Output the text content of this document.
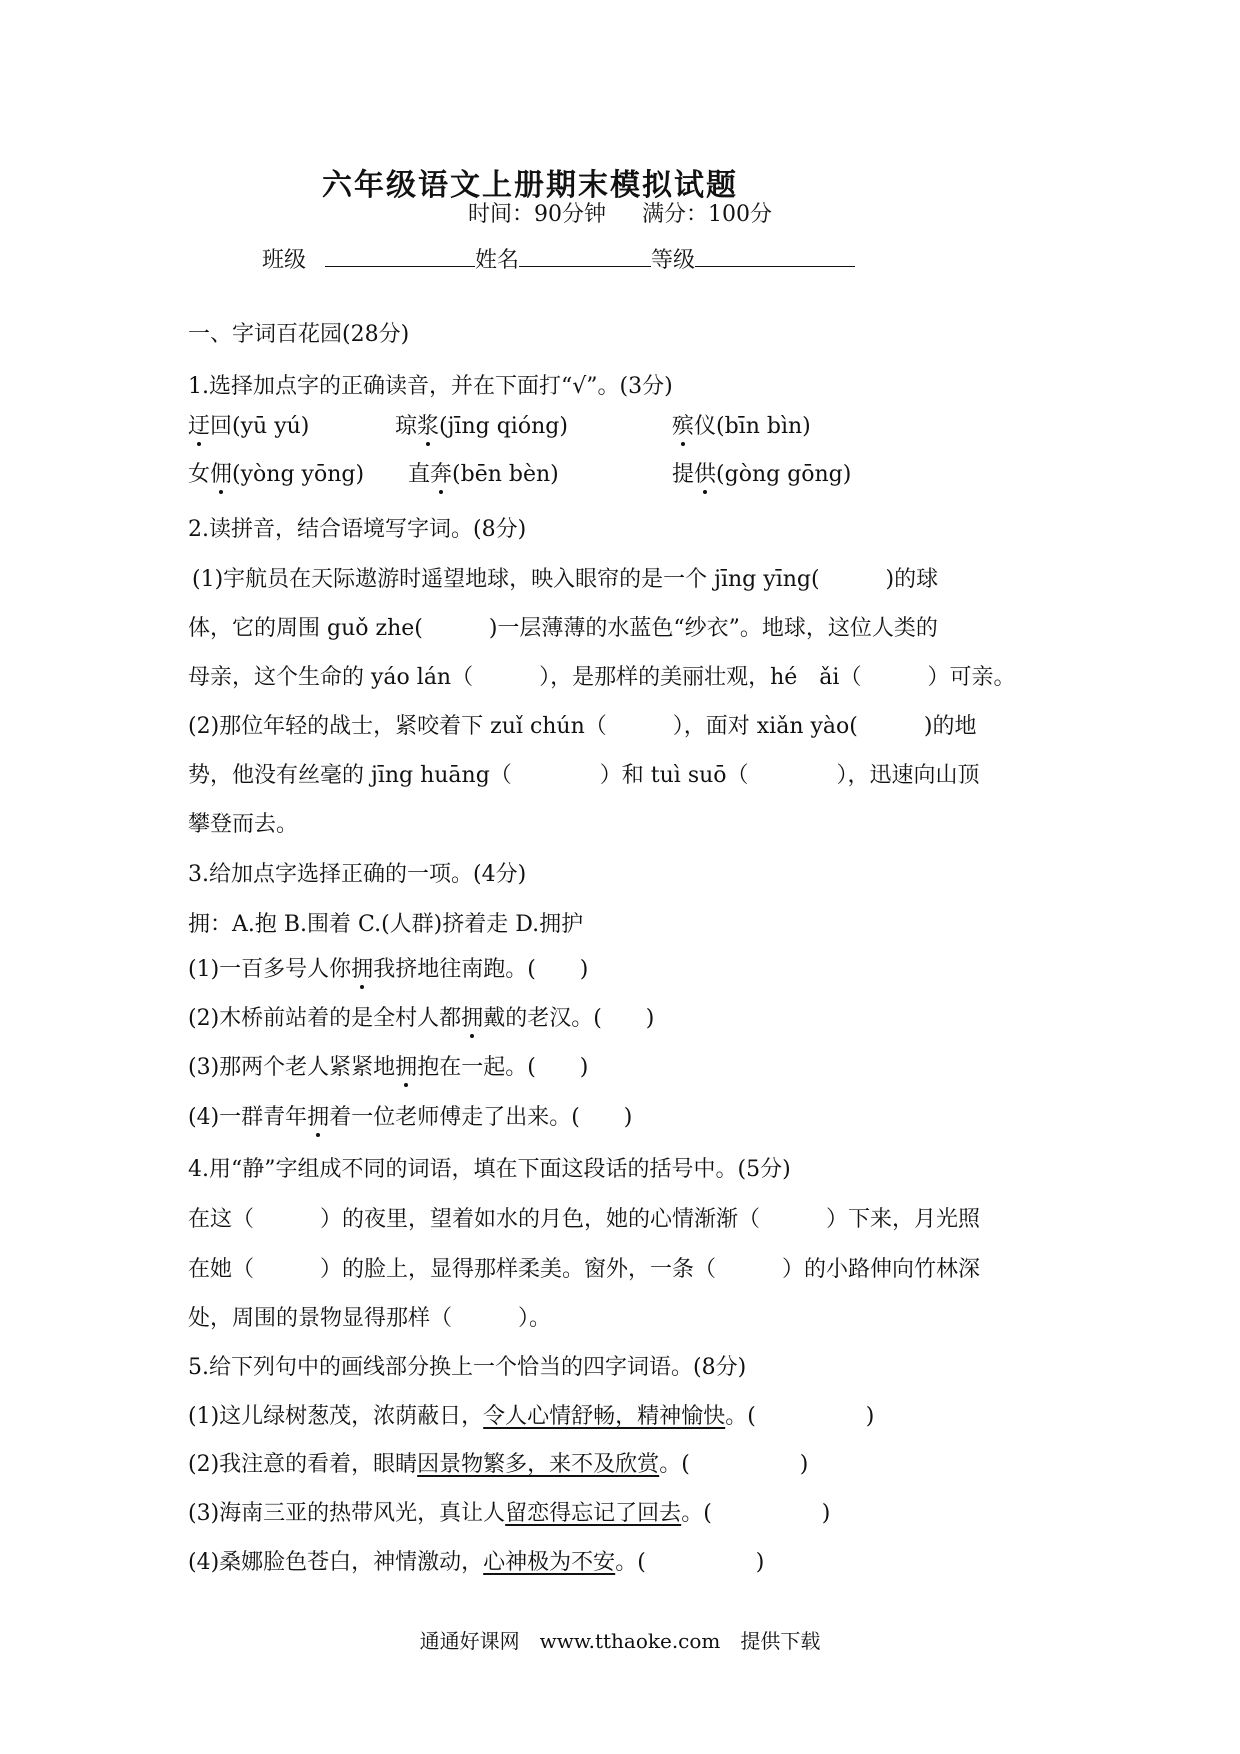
六年级语文上册期末模拟试题
时间：90分钟 　 满分：100分
班级	姓名	等级
一、字词百花园(28分)
1.选择加点字的正确读音，并在下面打“√”。(3分)
迂回(yū yú)	琼浆(jīng qióng)	殡仪(bīn bìn)
女佣(yòng yōng) 直奔(bēn bèn)	提供(gòng gōng)
2.读拼音，结合语境写字词。(8分)
(1)宇航员在天际遨游时遥望地球，映入眼帘的是一个 jīng yīng(　　　)的球
体，它的周围 guǒ zhe(　　　)一层薄薄的水蓝色“纱衣”。地球，这位人类的
母亲，这个生命的 yáo lán（　　　），是那样的美丽壮观，hé　ǎi（　　　）可亲。
(2)那位年轻的战士，紧咬着下 zuǐ chún（　　　），面对 xiǎn yào(　　　)的地
势，他没有丝毫的 jīng huāng（　　　　）和 tuì suō（　　　　），迅速向山顶
攀登而去。
3.给加点字选择正确的一项。(4分)
拥：A.抱 B.围着 C.(人群)挤着走 D.拥护
(1)一百多号人你拥我挤地往南跑。(　　)
(2)木桥前站着的是全村人都拥戴的老汉。(　　)
(3)那两个老人紧紧地拥抱在一起。(　　)
(4)一群青年拥着一位老师傅走了出来。(　　)
4.用“静”字组成不同的词语，填在下面这段话的括号中。(5分)
在这（　　　）的夜里，望着如水的月色，她的心情渐渐（　　　）下来，月光照
在她（　　　）的脸上，显得那样柔美。窗外，一条（　　　）的小路伸向竹林深
处，周围的景物显得那样（　　　）。
5.给下列句中的画线部分换上一个恰当的四字词语。(8分)
(1)这儿绿树葱茂，浓荫蔽日，令人心情舒畅，精神愉快。(　　　　　)
(2)我注意的看着，眼睛因景物繁多，来不及欣赏。(　　　　　)
(3)海南三亚的热带风光，真让人留恋得忘记了回去。(　　　　　)
(4)桑娜脸色苍白，神情激动，心神极为不安。(　　　　　)
通通好课网　www.tthaoke.com　提供下载
